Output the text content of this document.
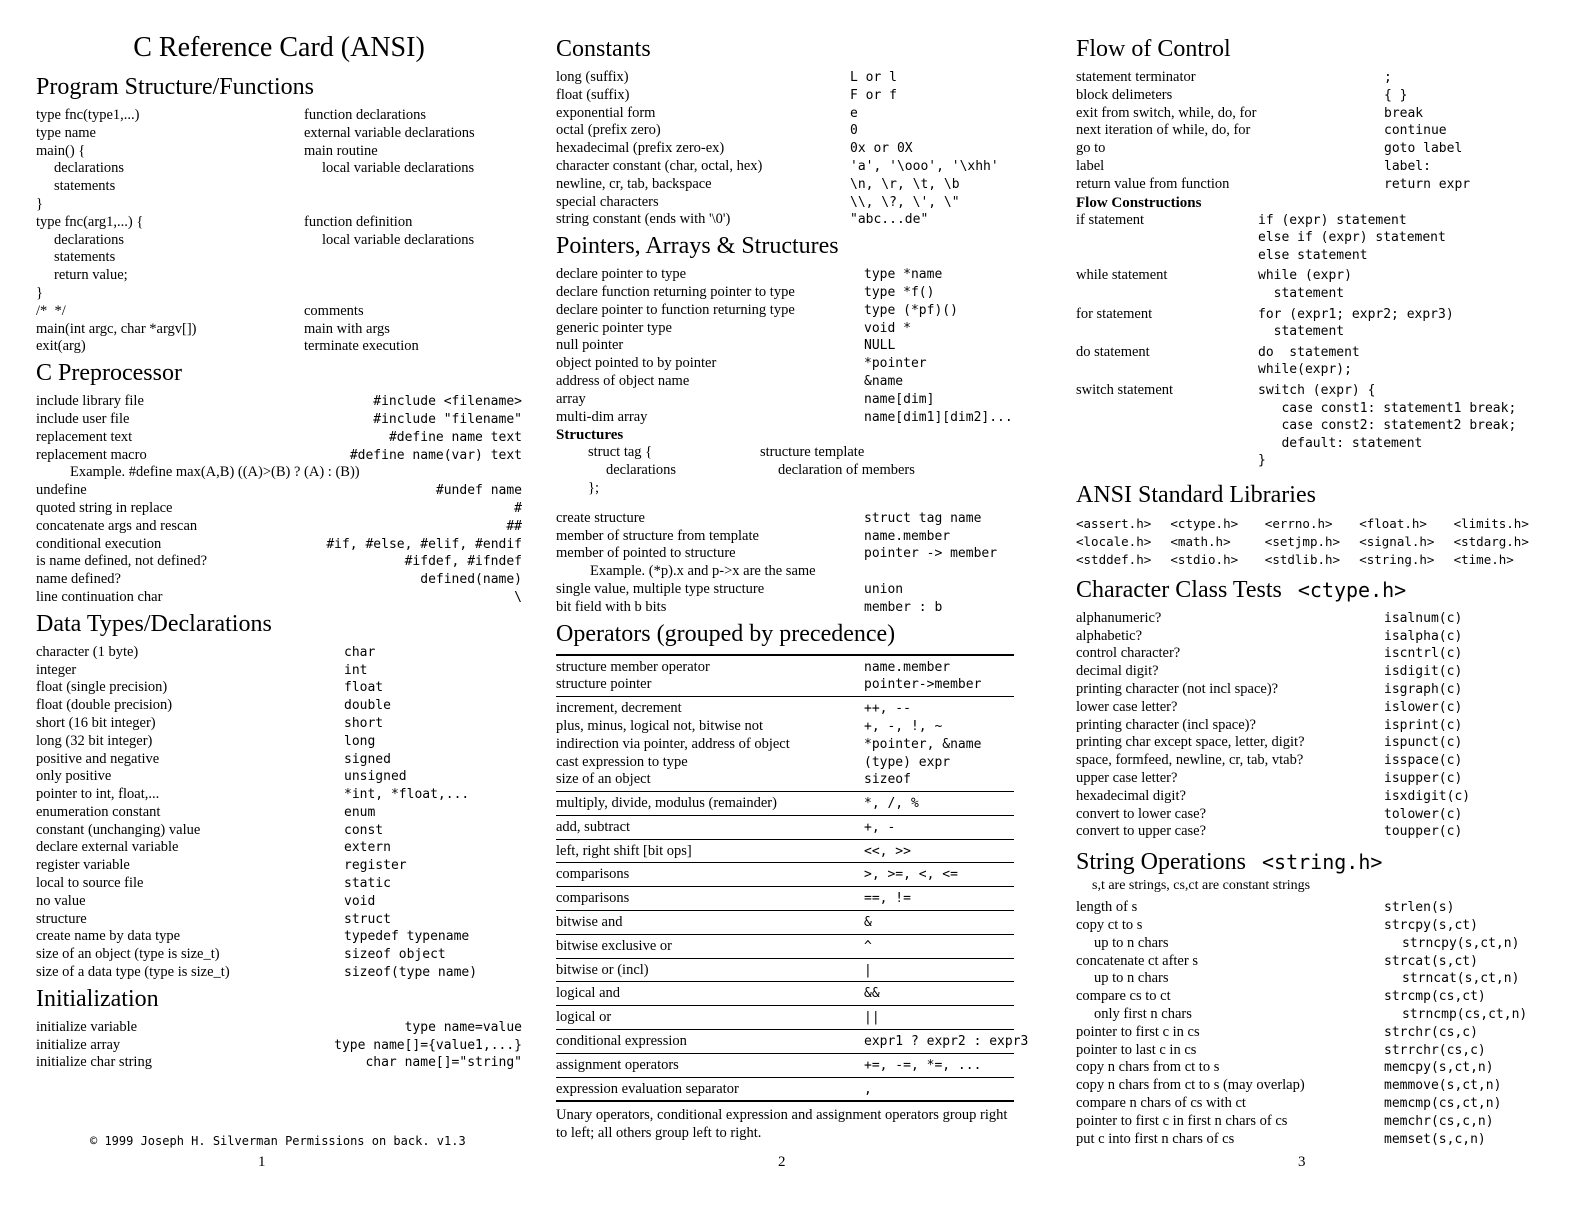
C Reference Card (ANSI)
Program Structure/Functions
type fnc(type1,...)	function declarations
type name	external variable declarations
main() {	main routine
declarations	local variable declarations
statements
}
type fnc(arg1,...) {	function definition
declarations	local variable declarations
statements
return value;
}
/*  */	comments
main(int argc, char *argv[])	main with args
exit(arg)	terminate execution
C Preprocessor
include library file	#include <filename>
include user file	#include "filename"
replacement text	#define name text
replacement macro	#define name(var) text
Example. #define max(A,B) ((A)>(B) ? (A) : (B))
undefine	#undef name
quoted string in replace	#
concatenate args and rescan	##
conditional execution	#if, #else, #elif, #endif
is name defined, not defined?	#ifdef, #ifndef
name defined?	defined(name)
line continuation char	\
Data Types/Declarations
character (1 byte)	char
integer	int
float (single precision)	float
float (double precision)	double
short (16 bit integer)	short
long (32 bit integer)	long
positive and negative	signed
only positive	unsigned
pointer to int, float,...	*int, *float,...
enumeration constant	enum
constant (unchanging) value	const
declare external variable	extern
register variable	register
local to source file	static
no value	void
structure	struct
create name by data type	typedef typename
size of an object (type is size_t)	sizeof object
size of a data type (type is size_t)	sizeof(type name)
Initialization
initialize variable	type name=value
initialize array	type name[]={value1,...}
initialize char string	char name[]="string"
© 1999 Joseph H. Silverman Permissions on back. v1.3
1
Constants
long (suffix)	L or l
float (suffix)	F or f
exponential form	e
octal (prefix zero)	0
hexadecimal (prefix zero-ex)	0x or 0X
character constant (char, octal, hex)	'a', '\ooo', '\xhh'
newline, cr, tab, backspace	\n, \r, \t, \b
special characters	\\, \?, \', \"
string constant (ends with '\0')	"abc...de"
Pointers, Arrays & Structures
declare pointer to type	type *name
declare function returning pointer to type	type *f()
declare pointer to function returning type	type (*pf)()
generic pointer type	void *
null pointer	NULL
object pointed to by pointer	*pointer
address of object name	&name
array	name[dim]
multi-dim array	name[dim1][dim2]...
Structures
struct tag {	structure template
declarations	declaration of members
};
create structure	struct tag name
member of structure from template	name.member
member of pointed to structure	pointer -> member
Example. (*p).x and p->x are the same
single value, multiple type structure	union
bit field with b bits	member : b
Operators (grouped by precedence)
structure member operator	name.member
structure pointer	pointer->member
increment, decrement	++, --
plus, minus, logical not, bitwise not	+, -, !, ~
indirection via pointer, address of object	*pointer, &name
cast expression to type	(type) expr
size of an object	sizeof
multiply, divide, modulus (remainder)	*, /, %
add, subtract	+, -
left, right shift [bit ops]	<<, >>
comparisons	>, >=, <, <=
comparisons	==, !=
bitwise and	&
bitwise exclusive or	^
bitwise or (incl)	|
logical and	&&
logical or	||
conditional expression	expr1 ? expr2 : expr3
assignment operators	+=, -=, *=, ...
expression evaluation separator	,
Unary operators, conditional expression and assignment operators group right to left; all others group left to right.
2
Flow of Control
statement terminator	;
block delimeters	{ }
exit from switch, while, do, for	break
next iteration of while, do, for	continue
go to	goto label
label	label:
return value from function	return expr
Flow Constructions
if statement	if (expr) statement
else if (expr) statement
else statement
while statement	while (expr)
statement
for statement	for (expr1; expr2; expr3)
statement
do statement	do  statement
while(expr);
switch statement	switch (expr) {
case const1: statement1 break;
case const2: statement2 break;
default: statement
}
ANSI Standard Libraries
<assert.h>	<ctype.h>	<errno.h>	<float.h>	<limits.h>
<locale.h>	<math.h>	<setjmp.h>	<signal.h>	<stdarg.h>
<stddef.h>	<stdio.h>	<stdlib.h>	<string.h>	<time.h>
Character Class Tests <ctype.h>
alphanumeric?	isalnum(c)
alphabetic?	isalpha(c)
control character?	iscntrl(c)
decimal digit?	isdigit(c)
printing character (not incl space)?	isgraph(c)
lower case letter?	islower(c)
printing character (incl space)?	isprint(c)
printing char except space, letter, digit?	ispunct(c)
space, formfeed, newline, cr, tab, vtab?	isspace(c)
upper case letter?	isupper(c)
hexadecimal digit?	isxdigit(c)
convert to lower case?	tolower(c)
convert to upper case?	toupper(c)
String Operations <string.h>
s,t are strings, cs,ct are constant strings
length of s	strlen(s)
copy ct to s	strcpy(s,ct)
up to n chars	strncpy(s,ct,n)
concatenate ct after s	strcat(s,ct)
up to n chars	strncat(s,ct,n)
compare cs to ct	strcmp(cs,ct)
only first n chars	strncmp(cs,ct,n)
pointer to first c in cs	strchr(cs,c)
pointer to last c in cs	strrchr(cs,c)
copy n chars from ct to s	memcpy(s,ct,n)
copy n chars from ct to s (may overlap)	memmove(s,ct,n)
compare n chars of cs with ct	memcmp(cs,ct,n)
pointer to first c in first n chars of cs	memchr(cs,c,n)
put c into first n chars of cs	memset(s,c,n)
3
